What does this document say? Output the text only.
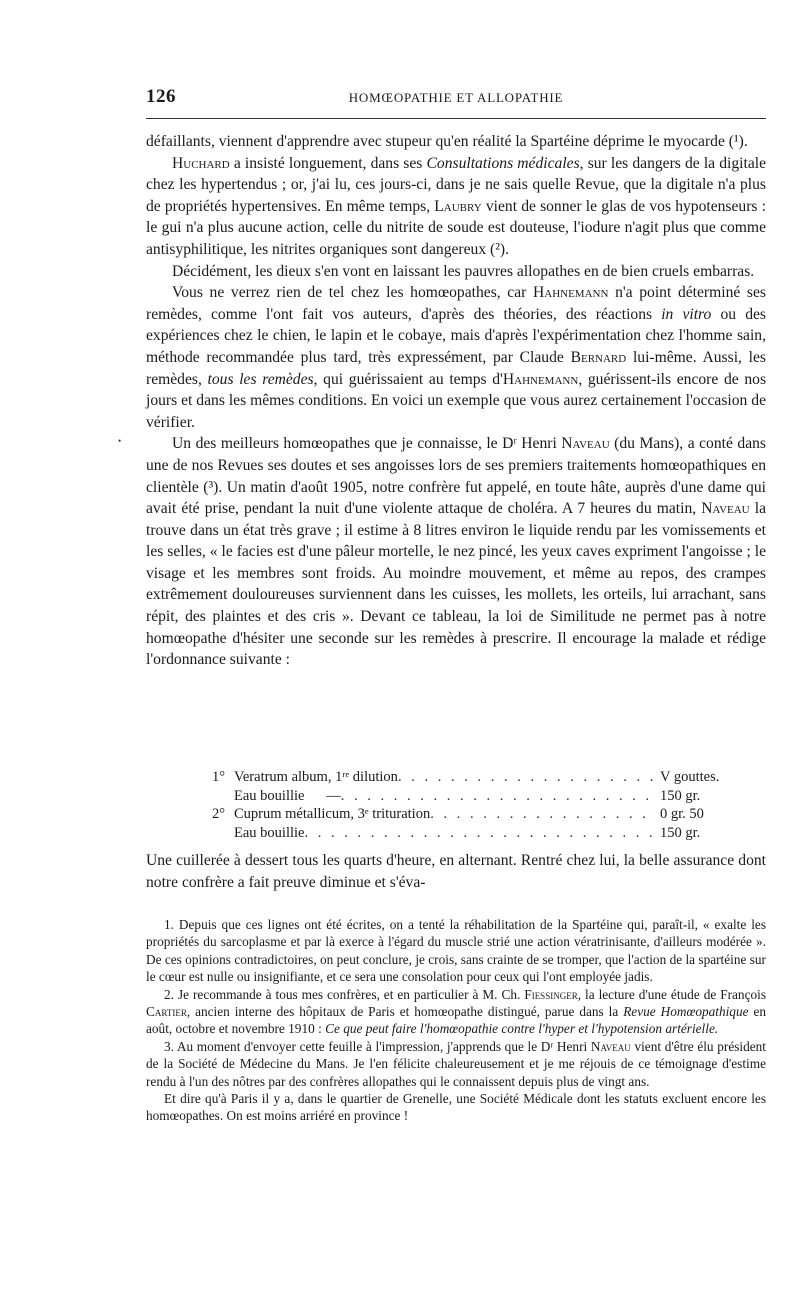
126	HOMŒOPATHIE ET ALLOPATHIE
•

défaillants, viennent d'apprendre avec stupeur qu'en réalité la Spartéine déprime le myocarde (¹).

Huchard a insisté longuement, dans ses Consultations médicales, sur les dangers de la digitale chez les hypertendus ; or, j'ai lu, ces jours-ci, dans je ne sais quelle Revue, que la digitale n'a plus de propriétés hypertensives. En même temps, Laubry vient de sonner le glas de vos hypotenseurs : le gui n'a plus aucune action, celle du nitrite de soude est douteuse, l'iodure n'agit plus que comme antisyphilitique, les nitrites organiques sont dangereux (²).

Décidément, les dieux s'en vont en laissant les pauvres allopathes en de bien cruels embarras.

Vous ne verrez rien de tel chez les homœopathes, car Hahnemann n'a point déterminé ses remèdes, comme l'ont fait vos auteurs, d'après des théories, des réactions in vitro ou des expériences chez le chien, le lapin et le cobaye, mais d'après l'expérimentation chez l'homme sain, méthode recommandée plus tard, très expressément, par Claude Bernard lui-même. Aussi, les remèdes, tous les remèdes, qui guérissaient au temps d'Hahnemann, guérissent-ils encore de nos jours et dans les mêmes conditions. En voici un exemple que vous aurez certainement l'occasion de vérifier.

Un des meilleurs homœopathes que je connaisse, le Dʳ Henri Naveau (du Mans), a conté dans une de nos Revues ses doutes et ses angoisses lors de ses premiers traitements homœopathiques en clientèle (³). Un matin d'août 1905, notre confrère fut appelé, en toute hâte, auprès d'une dame qui avait été prise, pendant la nuit d'une violente attaque de choléra. A 7 heures du matin, Naveau la trouve dans un état très grave ; il estime à 8 litres environ le liquide rendu par les vomissements et les selles, « le facies est d'une pâleur mortelle, le nez pincé, les yeux caves expriment l'angoisse ; le visage et les membres sont froids. Au moindre mouvement, et même au repos, des crampes extrêmement douloureuses surviennent dans les cuisses, les mollets, les orteils, lui arrachant, sans répit, des plaintes et des cris ». Devant ce tableau, la loi de Similitude ne permet pas à notre homœopathe d'hésiter une seconde sur les remèdes à prescrire. Il encourage la malade et rédige l'ordonnance suivante :

1° Veratrum album, 1ʳᵉ dilution . . .	V gouttes.
Eau bouillie      — . . .	150 gr.
2° Cuprum métallicum, 3ᵉ trituration . . .	0 gr. 50
Eau bouillie . . .	150 gr.

Une cuillerée à dessert tous les quarts d'heure, en alternant. Rentré chez lui, la belle assurance dont notre confrère a fait preuve diminue et s'éva-

1. Depuis que ces lignes ont été écrites, on a tenté la réhabilitation de la Spartéine qui, paraît-il, « exalte les propriétés du sarcoplasme et par là exerce à l'égard du muscle strié une action vératrinisante, d'ailleurs modérée ». De ces opinions contradictoires, on peut conclure, je crois, sans crainte de se tromper, que l'action de la spartéine sur le cœur est nulle ou insignifiante, et ce sera une consolation pour ceux qui l'ont employée jadis.

2. Je recommande à tous mes confrères, et en particulier à M. Ch. Fiessinger, la lecture d'une étude de François Cartier, ancien interne des hôpitaux de Paris et homœopathe distingué, parue dans la Revue Homœopathique en août, octobre et novembre 1910 : Ce que peut faire l'homœopathie contre l'hyper et l'hypotension artérielle.

3. Au moment d'envoyer cette feuille à l'impression, j'apprends que le Dʳ Henri Naveau vient d'être élu président de la Société de Médecine du Mans. Je l'en félicite chaleureusement et je me réjouis de ce témoignage d'estime rendu à l'un des nôtres par des confrères allopathes qui le connaissent depuis plus de vingt ans.

Et dire qu'à Paris il y a, dans le quartier de Grenelle, une Société Médicale dont les statuts excluent encore les homœopathes. On est moins arriéré en province !
